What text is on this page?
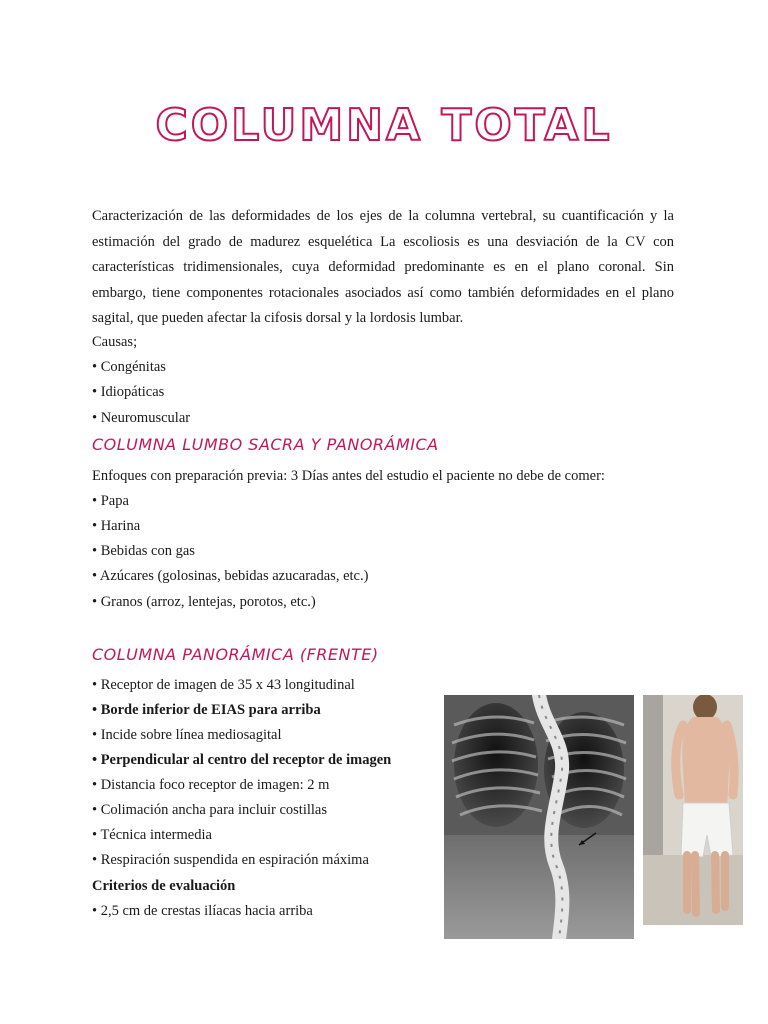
COLUMNA TOTAL

Caracterización de las deformidades de los ejes de la columna vertebral, su cuantificación y la estimación del grado de madurez esquelética La escoliosis es una desviación de la CV con características tridimensionales, cuya deformidad predominante es en el plano coronal. Sin embargo, tiene componentes rotacionales asociados así como también deformidades en el plano sagital, que pueden afectar la cifosis dorsal y la lordosis lumbar.

Causas;
• Congénitas
• Idiopáticas
• Neuromuscular
COLUMNA LUMBO SACRA Y PANORÁMICA
Enfoques con preparación previa: 3 Días antes del estudio el paciente no debe de comer:
• Papa
• Harina
• Bebidas con gas
• Azúcares (golosinas, bebidas azucaradas, etc.)
• Granos (arroz, lentejas, porotos, etc.)
COLUMNA PANORÁMICA (FRENTE)
• Receptor de imagen de 35 x 43 longitudinal
• Borde inferior de EIAS para arriba
• Incide sobre línea mediosagital
• Perpendicular al centro del receptor de imagen
• Distancia foco receptor de imagen: 2 m
• Colimación ancha para incluir costillas
• Técnica intermedia
• Respiración suspendida en espiración máxima
Criterios de evaluación
• 2,5 cm de crestas ilíacas hacia arriba
